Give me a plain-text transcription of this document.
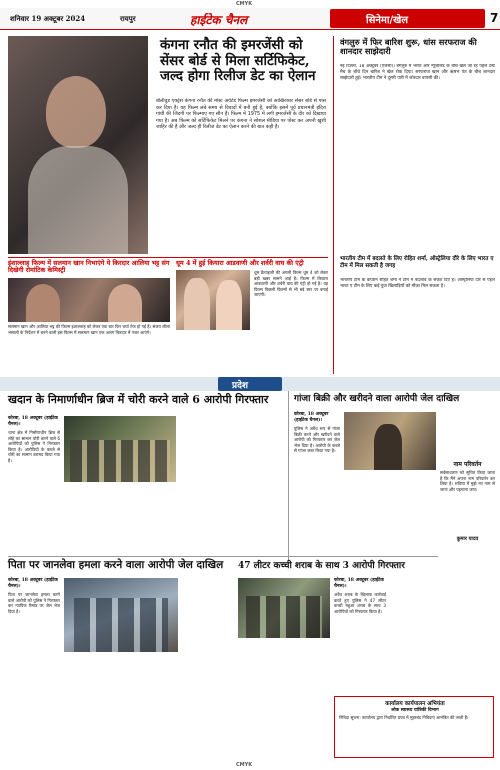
CMYK
शनिवार 19 अक्टूबर 2024	रायपुर	हाईटेक चैनल	सिनेमा/खेल	7
कंगना रनौत की इमरजेंसी को सेंसर बोर्ड से मिला सर्टिफिकेट, जल्द होगा रिलीज डेट का ऐलान
बॉलीवुड एक्ट्रेस कंगना रनौत की मोस्ट अवेटेड फिल्म इमरजेंसी को आखिरकार सेंसर बोर्ड से पास कर दिया है। यह फिल्म लंबे समय से विवादों में बनी हुई है, क्योंकि इसमें पूर्व प्रधानमंत्री इंदिरा गांधी की जिंदगी पर फिल्माए गए सीन हैं। फिल्म में 1975 में लगी इमरजेंसी के दौर को दिखाया गया है। अब फिल्म को सर्टिफिकेट मिलने पर कंगना ने सोशल मीडिया पर पोस्ट कर अपनी खुशी जाहिर की है और जल्द ही रिलीज डेट का ऐलान करने की बात कही है।
वंगलुरु में फिर बारिश शुरू, धांस सरफराज की शानदार साझेदारी
नई दिल्ली, 18 अक्टूबर (एजेंसी)। बेंगलुरु में भारत और न्यूजीलैंड के बीच खेले जा रहे पहले टेस्ट मैच के चौथे दिन बारिश ने खेल रोक दिया। सरफराज खान और ऋषभ पंत के बीच शानदार साझेदारी हुई। भारतीय टीम ने दूसरी पारी में जोरदार वापसी की।
भारतीय टीम में बदलते के लिए रोहित शर्मा, ऑस्ट्रेलिया दौरे के लिए भारत ए टीम में मिल सकती है जगह
भारतीय टीम के कप्तान रोहित शर्मा ने टीम में बदलाव के संकेत दिए हैं। ऑस्ट्रेलिया दौरे से पहले भारत ए टीम के लिए कई युवा खिलाड़ियों को मौका मिल सकता है।
इंशाल्लाह फिल्म में सलमान खान निभाएंगे ये किरदार आलिया भट्ट संग दिखेगी रोमांटिक केमिस्ट्री
सलमान खान और आलिया भट्ट की फिल्म इंशाल्लाह को लेकर एक बार फिर चर्चा तेज हो गई है। संजय लीला भंसाली के निर्देशन में बनने वाली इस फिल्म में सलमान खान एक अलग किरदार में नजर आएंगे।
धूम 4 में हुई कियारा आडवाणी और शर्वरी वाघ की एंट्री
धूम फ्रेंचाइजी की अगली फिल्म धूम 4 को लेकर बड़ी खबर सामने आई है। फिल्म में कियारा आडवाणी और शर्वरी वाघ की एंट्री हो गई है। यह फिल्म पिछली फिल्मों से भी बड़े स्तर पर बनाई जाएगी।
प्रदेश
खदान के निमार्णाधीन ब्रिज में चोरी करने वाले 6 आरोपी गिरफ्तार
कोरबा, 18 अक्टूबर (हाईटेक चैनल)।
थाना क्षेत्र में निर्माणाधीन ब्रिज से लोहे का सामान चोरी करने वाले 6 आरोपियों को पुलिस ने गिरफ्तार किया है। आरोपियों के कब्जे से चोरी का सामान बरामद किया गया है।
गांजा बिक्री और खरीदने वाला आरोपी जेल दाखिल
कोरबा, 18 अक्टूबर (हाईटेक चैनल)।
पुलिस ने अवैध रूप से गांजा बिक्री करने और खरीदने वाले आरोपी को गिरफ्तार कर जेल भेज दिया है। आरोपी के कब्जे से गांजा जब्त किया गया है।
नाम परिवर्तन
सर्वसाधारण को सूचित किया जाता है कि मैंने अपना नाम परिवर्तन कर लिया है। भविष्य में मुझे नए नाम से जाना और पहचाना जाए।
कुमार यादव
पिता पर जानलेवा हमला करने वाला आरोपी जेल दाखिल
कोरबा, 18 अक्टूबर (हाईटेक चैनल)।
पिता पर जानलेवा हमला करने वाले आरोपी को पुलिस ने गिरफ्तार कर न्यायिक रिमांड पर जेल भेज दिया है।
47 लीटर कच्ची शराब के साथ 3 आरोपी गिरफ्तार
कोरबा, 18 अक्टूबर (हाईटेक चैनल)।
अवैध शराब के खिलाफ कार्रवाई करते हुए पुलिस ने 47 लीटर कच्ची महुआ शराब के साथ 3 आरोपियों को गिरफ्तार किया है।
कार्यालय कार्यपालन अभियंता
लोक स्वास्थ्य यांत्रिकी विभाग
निविदा सूचना: कार्यालय द्वारा निर्धारित प्रपत्र में मुहरबंद निविदाएं आमंत्रित की जाती हैं।
CMYK
